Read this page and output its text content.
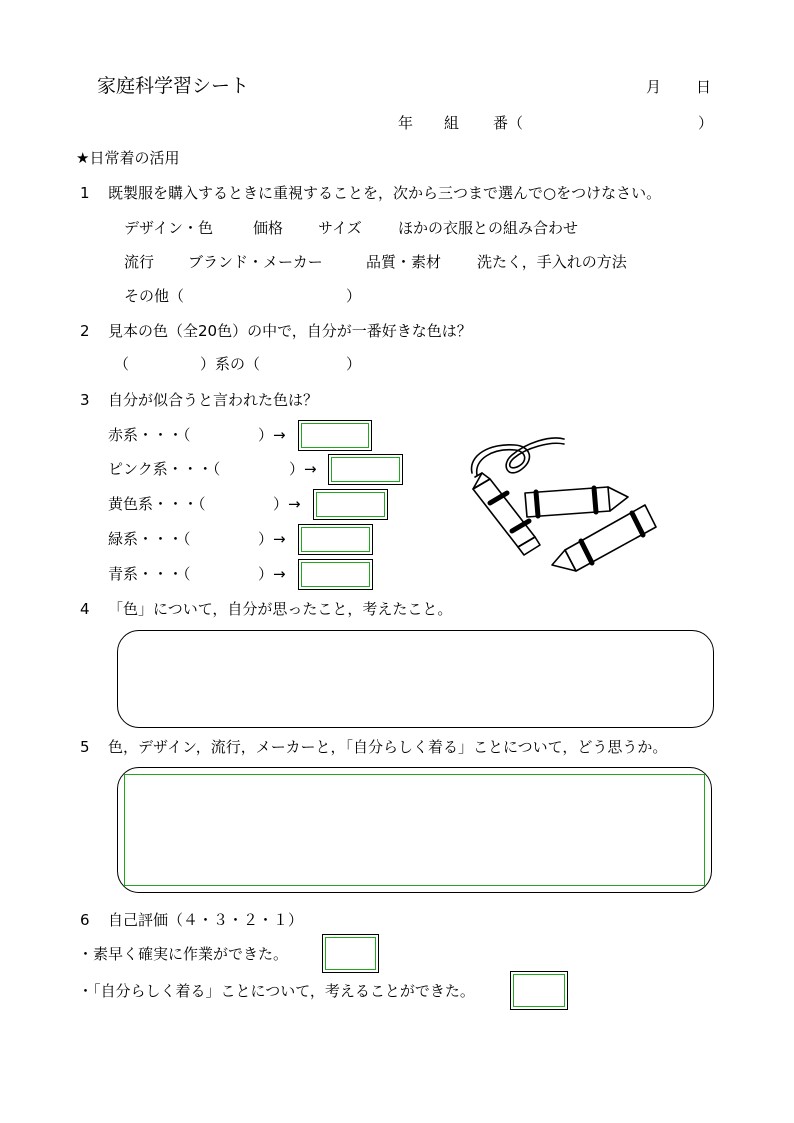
家庭科学習シート	月 日
年 組 番（	）
★日常着の活用
1 既製服を購入するときに重視することを，次から三つまで選んで○をつけなさい。
デザイン・色	価格 サイズ ほかの衣服との組み合わせ
流行 ブランド・メーカー	品質・素材 洗たく，手入れの方法
その他（	）
2 見本の色（全20色）の中で，自分が一番好きな色は？
（	）系の（	）
3 自分が似合うと言われた色は？
赤系・・・（	）→
ピンク系・・・（	）→
黄色系・・・（	）→
緑系・・・（	）→
青系・・・（	）→
4 「色」について，自分が思ったこと，考えたこと。
5 色，デザイン，流行，メーカーと，「自分らしく着る」ことについて，どう思うか。
6 自己評価（４・３・２・１）
・素早く確実に作業ができた。
・「自分らしく着る」ことについて，考えることができた。
